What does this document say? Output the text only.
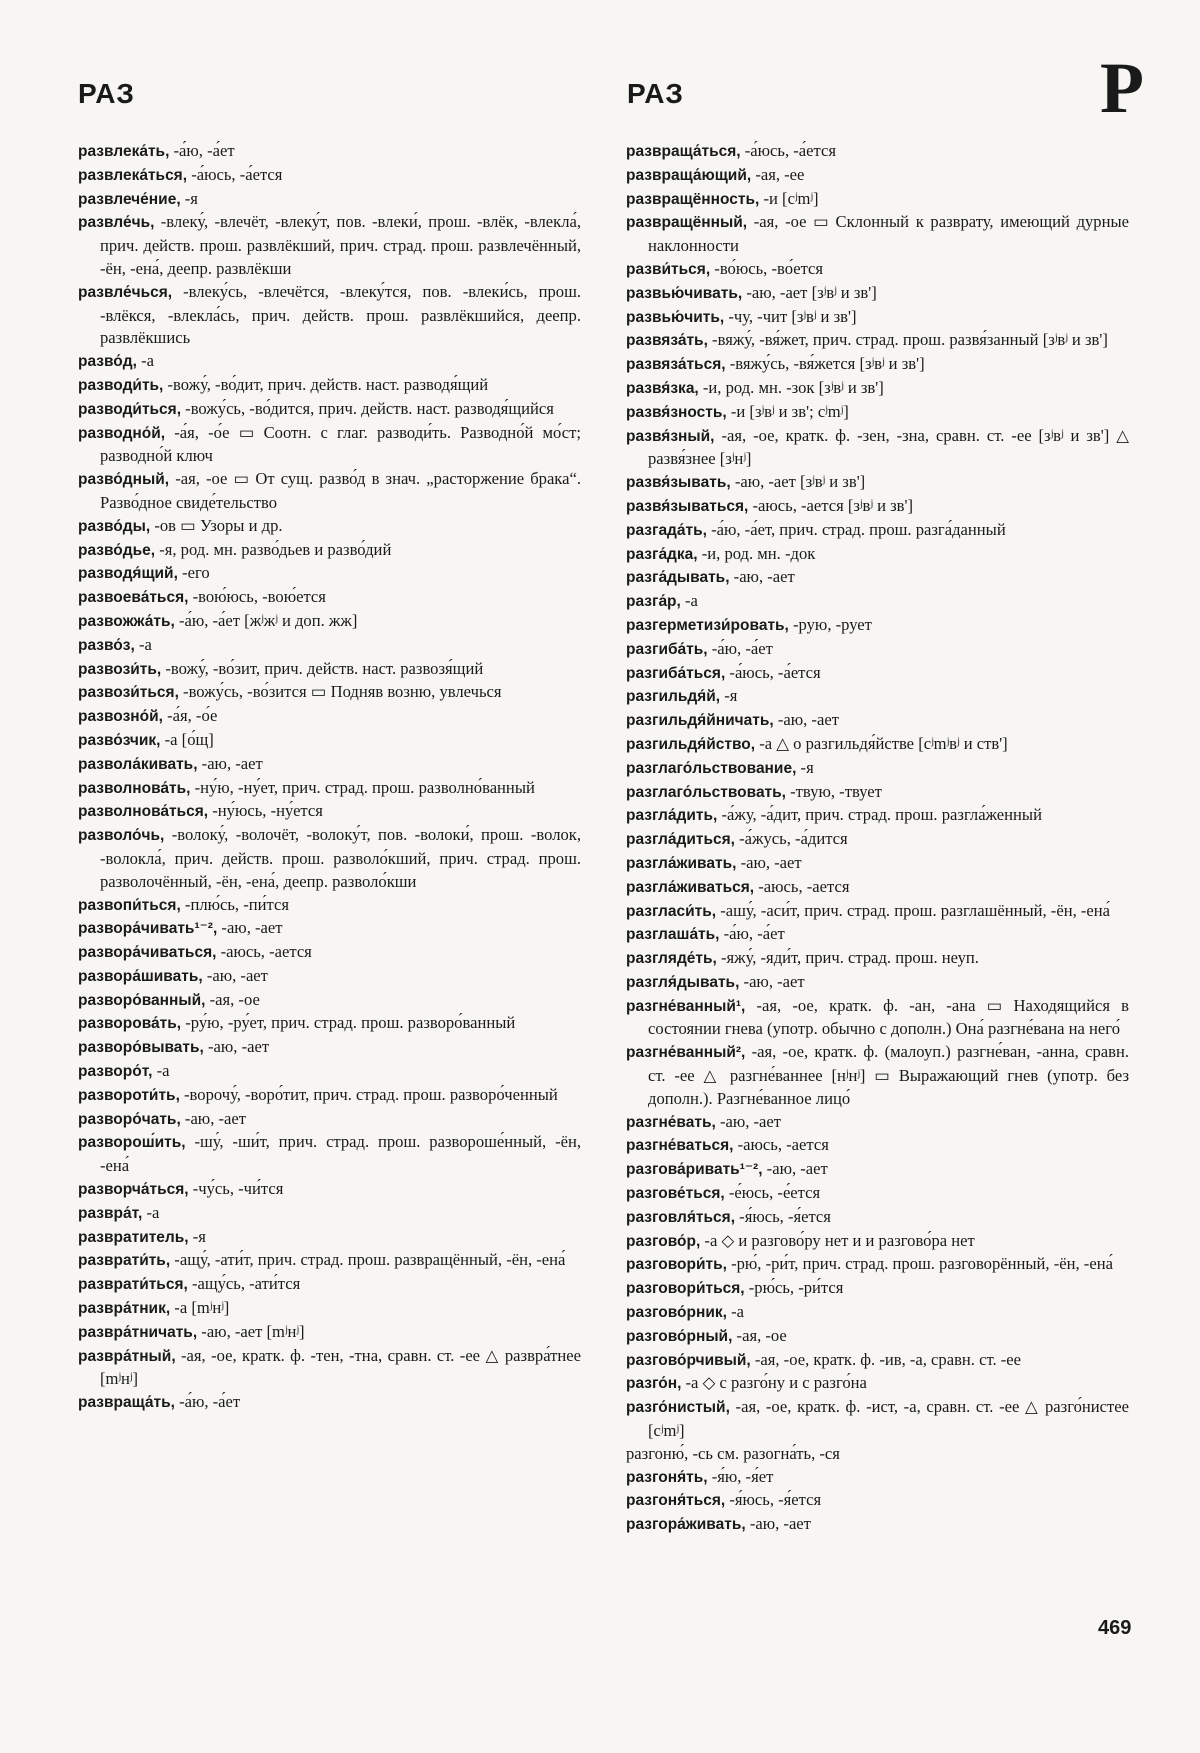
РАЗ	РАЗ	Р
развлека́ть, -а́ю, -а́ет
развлека́ться, -а́юсь, -а́ется
развлече́ние, -я
развле́чь, -влеку́, -влечёт, -влеку́т, пов. -влеки́, прош. -влёк, -влекла́, прич. действ. прош. развлёкший, прич. страд. прош. развлечённый, -ён, -ена́, деепр. развлёкши
развле́чься, -влеку́сь, -влечётся, -влеку́тся, пов. -влеки́сь, прош. -влёкся, -влекла́сь, прич. действ. прош. развлёкшийся, деепр. развлёкшись
разво́д, -а
разводи́ть, -вожу́, -во́дит, прич. действ. наст. разводя́щий
разводи́ться, -вожу́сь, -во́дится, прич. действ. наст. разводя́щийся
разводно́й, -а́я, -о́е ▭ Соотн. с глаг. разводи́ть. Разводно́й мо́ст; разводно́й ключ
разво́дный, -ая, -ое ▭ От сущ. разво́д в знач. „расторжение брака“. Разво́дное свиде́тельство
разво́ды, -ов ▭ Узоры и др.
разво́дье, -я, род. мн. разво́дьев и разво́дий
разводя́щий, -его
развоева́ться, -вою́юсь, -вою́ется
развожжа́ть, -а́ю, -а́ет [жʲжʲ и доп. жж]
разво́з, -а
развози́ть, -вожу́, -во́зит, прич. действ. наст. развозя́щий
развози́ться, -вожу́сь, -во́зится ▭ Подняв возню, увлечься
развозно́й, -а́я, -о́е
разво́зчик, -а [о́щ]
развола́кивать, -аю, -ает
разволнова́ть, -ну́ю, -ну́ет, прич. страд. прош. разволно́ванный
разволнова́ться, -ну́юсь, -ну́ется
разволо́чь, -волоку́, -волочёт, -волоку́т, пов. -волоки́, прош. -волок, -волокла́, прич. действ. прош. разволо́кший, прич. страд. прош. разволочённый, -ён, -ена́, деепр. разволо́кши
развопи́ться, -плю́сь, -пи́тся
развора́чивать¹⁻², -аю, -ает
развора́чиваться, -аюсь, -ается
развора́шивать, -аю, -ает
разворо́ванный, -ая, -ое
разворова́ть, -ру́ю, -ру́ет, прич. страд. прош. разворо́ванный
разворо́вывать, -аю, -ает
разворо́т, -а
развороти́ть, -ворочу́, -воро́тит, прич. страд. прош. разворо́ченный
разворо́чать, -аю, -ает
разворош́ить, -шу́, -ши́т, прич. страд. прош. развороше́нный, -ён, -ена́
разворча́ться, -чу́сь, -чи́тся
развра́т, -а
развратитель, -я
разврати́ть, -ащу́, -ати́т, прич. страд. прош. развращённый, -ён, -ена́
разврати́ться, -ащу́сь, -ати́тся
развра́тник, -а [mʲнʲ]
развра́тничать, -аю, -ает [mʲнʲ]
развра́тный, -ая, -ое, кратк. ф. -тен, -тна, сравн. ст. -ее △ развра́тнее [mʲнʲ]
развраща́ть, -а́ю, -а́ет
развраща́ться, -а́юсь, -а́ется
развраща́ющий, -ая, -ее
развращённость, -и [cʲmʲ]
развращённый, -ая, -ое ▭ Склонный к разврату, имеющий дурные наклонности
разви́ться, -во́юсь, -во́ется
развью́чивать, -аю, -ает [зʲвʲ и зв']
развью́чить, -чу, -чит [зʲвʲ и зв']
развяза́ть, -вяжу́, -вя́жет, прич. страд. прош. развя́занный [зʲвʲ и зв']
развяза́ться, -вяжу́сь, -вя́жется [зʲвʲ и зв']
развя́зка, -и, род. мн. -зок [зʲвʲ и зв']
развя́зность, -и [зʲвʲ и зв'; cʲmʲ]
развя́зный, -ая, -ое, кратк. ф. -зен, -зна, сравн. ст. -ее [зʲвʲ и зв'] △ развя́знее [зʲнʲ]
развя́зывать, -аю, -ает [зʲвʲ и зв']
развя́зываться, -аюсь, -ается [зʲвʲ и зв']
разгада́ть, -а́ю, -а́ет, прич. страд. прош. разга́данный
разга́дка, -и, род. мн. -док
разга́дывать, -аю, -ает
разга́р, -а
разгерметизи́ровать, -рую, -рует
разгиба́ть, -а́ю, -а́ет
разгиба́ться, -а́юсь, -а́ется
разгильдя́й, -я
разгильдя́йничать, -аю, -ает
разгильдя́йство, -а △ о разгильдя́йстве [cʲmʲвʲ и ств']
разглаго́льствование, -я
разглаго́льствовать, -твую, -твует
разгла́дить, -а́жу, -а́дит, прич. страд. прош. разгла́женный
разгла́диться, -а́жусь, -а́дится
разгла́живать, -аю, -ает
разгла́живаться, -аюсь, -ается
разгласи́ть, -ашу́, -аси́т, прич. страд. прош. разглашённый, -ён, -ена́
разглаша́ть, -а́ю, -а́ет
разгляде́ть, -яжу́, -яди́т, прич. страд. прош. неуп.
разгля́дывать, -аю, -ает
разгне́ванный¹, -ая, -ое, кратк. ф. -ан, -ана ▭ Находящийся в состоянии гнева (употр. обычно с дополн.) Она́ разгне́вана на него́
разгне́ванный², -ая, -ое, кратк. ф. (малоуп.) разгне́ван, -анна, сравн. ст. -ее △ разгне́ваннее [нʲнʲ] ▭ Выражающий гнев (употр. без дополн.). Разгне́ванное лицо́
разгне́вать, -аю, -ает
разгне́ваться, -аюсь, -ается
разгова́ривать¹⁻², -аю, -ает
разгове́ться, -е́юсь, -е́ется
разговля́ться, -я́юсь, -я́ется
разгово́р, -а ◇ и разгово́ру нет и и разгово́ра нет
разговори́ть, -рю́, -ри́т, прич. страд. прош. разговорённый, -ён, -ена́
разговори́ться, -рю́сь, -ри́тся
разгово́рник, -а
разгово́рный, -ая, -ое
разгово́рчивый, -ая, -ое, кратк. ф. -ив, -а, сравн. ст. -ее
разго́н, -а ◇ с разго́ну и с разго́на
разго́нистый, -ая, -ое, кратк. ф. -ист, -а, сравн. ст. -ее △ разго́нистее [cʲmʲ]
разгоню́, -сь см. разогна́ть, -ся
разгоня́ть, -я́ю, -я́ет
разгоня́ться, -я́юсь, -я́ется
разгора́живать, -аю, -ает
469
